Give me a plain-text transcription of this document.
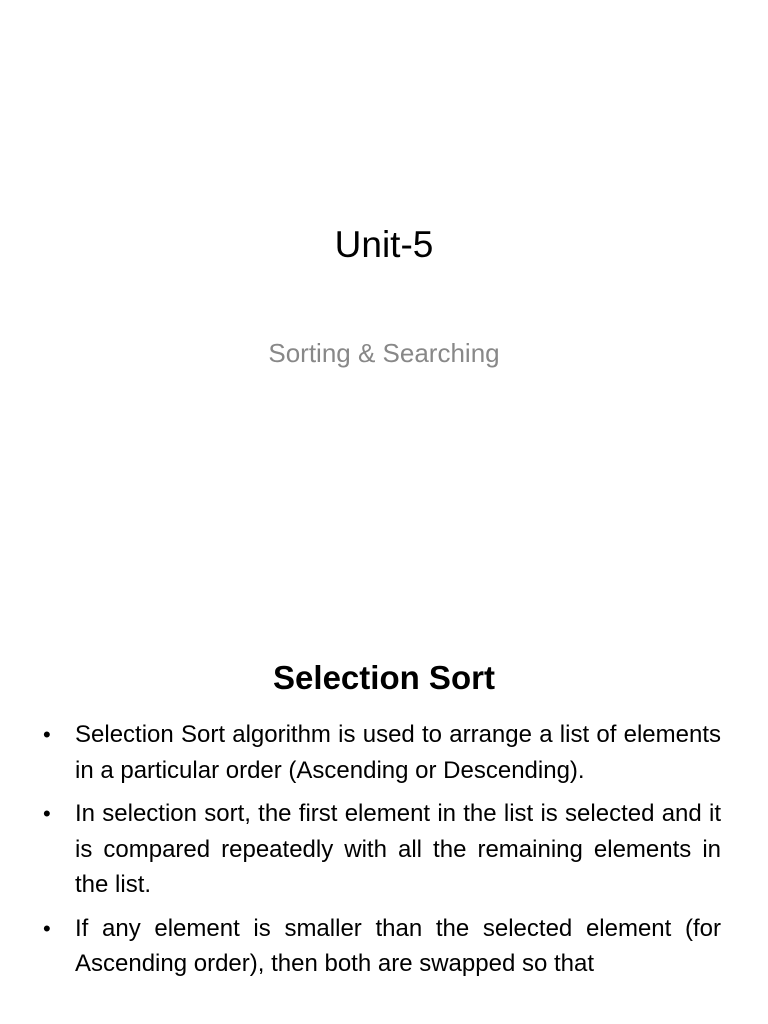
Unit-5
Sorting & Searching
Selection Sort
• Selection Sort algorithm is used to arrange a list of elements in a particular order (Ascending or Descending).
• In selection sort, the first element in the list is selected and it is compared repeatedly with all the remaining elements in the list.
• If any element is smaller than the selected element (for Ascending order), then both are swapped so that
